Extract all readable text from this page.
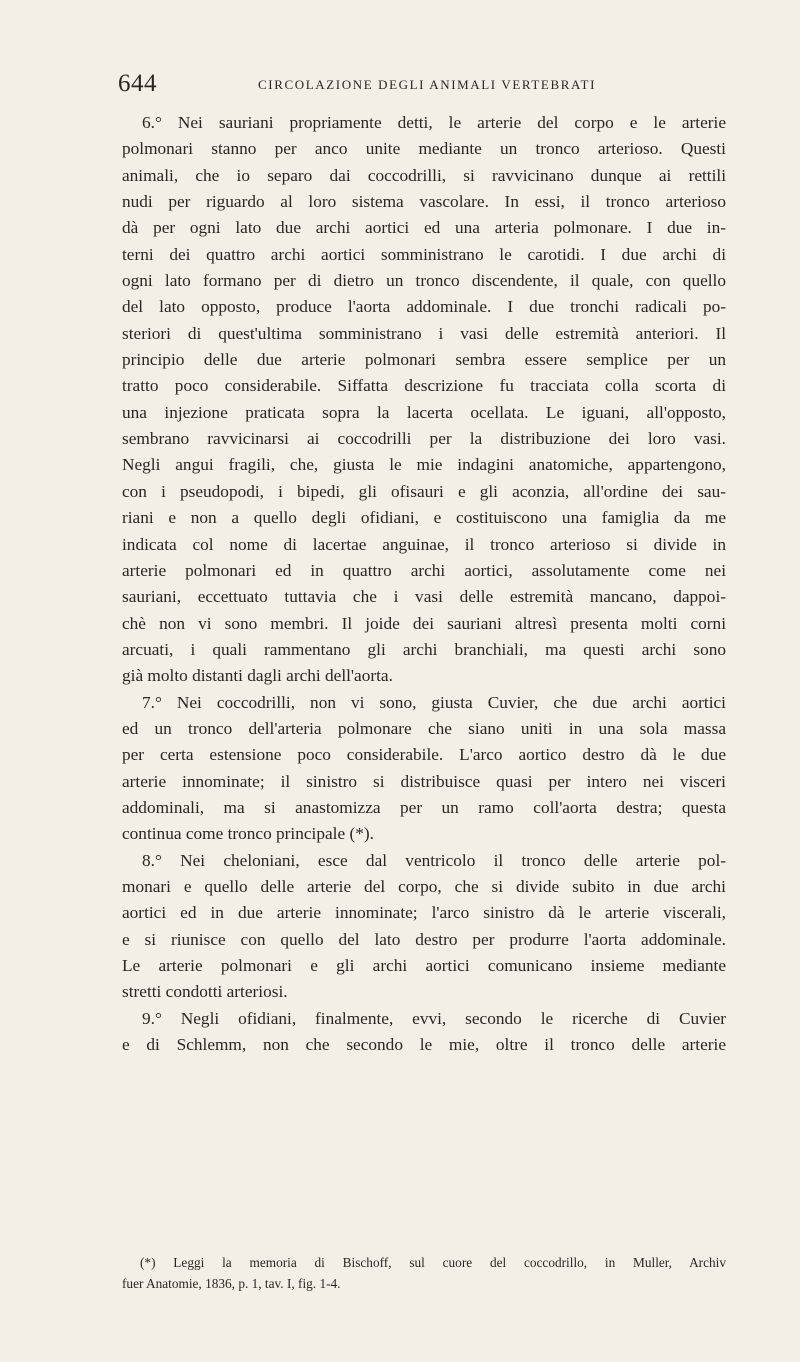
644	CIRCOLAZIONE DEGLI ANIMALI VERTEBRATI
6.° Nei sauriani propriamente detti, le arterie del corpo e le arterie
polmonari stanno per anco unite mediante un tronco arterioso. Questi
animali, che io separo dai coccodrilli, si ravvicinano dunque ai rettili
nudi per riguardo al loro sistema vascolare. In essi, il tronco arterioso
dà per ogni lato due archi aortici ed una arteria polmonare. I due in-
terni dei quattro archi aortici somministrano le carotidi. I due archi di
ogni lato formano per di dietro un tronco discendente, il quale, con quello
del lato opposto, produce l'aorta addominale. I due tronchi radicali po-
steriori di quest'ultima somministrano i vasi delle estremità anteriori. Il
principio delle due arterie polmonari sembra essere semplice per un
tratto poco considerabile. Siffatta descrizione fu tracciata colla scorta di
una injezione praticata sopra la lacerta ocellata. Le iguani, all'opposto,
sembrano ravvicinarsi ai coccodrilli per la distribuzione dei loro vasi.
Negli angui fragili, che, giusta le mie indagini anatomiche, appartengono,
con i pseudopodi, i bipedi, gli ofisauri e gli aconzia, all'ordine dei sau-
riani e non a quello degli ofidiani, e costituiscono una famiglia da me
indicata col nome di lacertae anguinae, il tronco arterioso si divide in
arterie polmonari ed in quattro archi aortici, assolutamente come nei
sauriani, eccettuato tuttavia che i vasi delle estremità mancano, dappoi-
chè non vi sono membri. Il joide dei sauriani altresì presenta molti corni
arcuati, i quali rammentano gli archi branchiali, ma questi archi sono
già molto distanti dagli archi dell'aorta.
7.° Nei coccodrilli, non vi sono, giusta Cuvier, che due archi aortici
ed un tronco dell'arteria polmonare che siano uniti in una sola massa
per certa estensione poco considerabile. L'arco aortico destro dà le due
arterie innominate; il sinistro si distribuisce quasi per intero nei visceri
addominali, ma si anastomizza per un ramo coll'aorta destra; questa
continua come tronco principale (*).
8.° Nei cheloniani, esce dal ventricolo il tronco delle arterie pol-
monari e quello delle arterie del corpo, che si divide subito in due archi
aortici ed in due arterie innominate; l'arco sinistro dà le arterie viscerali,
e si riunisce con quello del lato destro per produrre l'aorta addominale.
Le arterie polmonari e gli archi aortici comunicano insieme mediante
stretti condotti arteriosi.
9.° Negli ofidiani, finalmente, evvi, secondo le ricerche di Cuvier
e di Schlemm, non che secondo le mie, oltre il tronco delle arterie
(*) Leggi la memoria di Bischoff, sul cuore del coccodrillo, in Muller, Archiv
fuer Anatomie, 1836, p. 1, tav. I, fig. 1-4.
